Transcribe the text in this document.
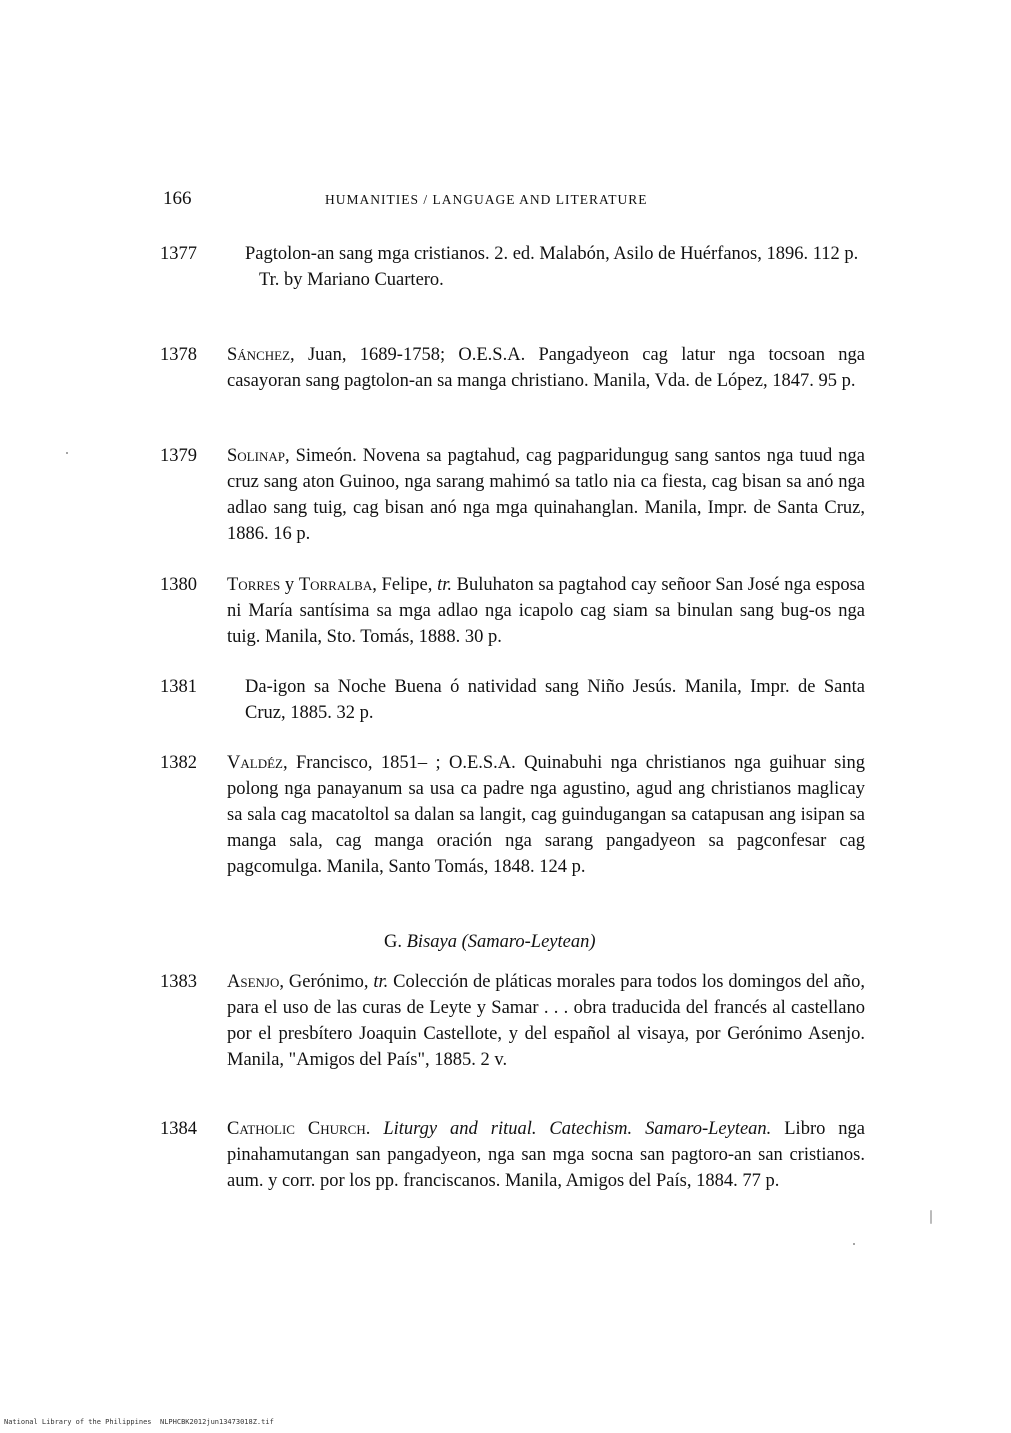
166	HUMANITIES / LANGUAGE AND LITERATURE
1377	Pagtolon-an sang mga cristianos. 2. ed. Malabón, Asilo de Huérfanos, 1896. 112 p.
Tr. by Mariano Cuartero.
1378	Sánchez, Juan, 1689-1758; O.E.S.A. Pangadyeon cag latur nga tocsoan nga casayoran sang pagtolon-an sa manga christiano. Manila, Vda. de López, 1847. 95 p.
1379	Solinap, Simeón. Novena sa pagtahud, cag pagparidungug sang santos nga tuud nga cruz sang aton Guinoo, nga sarang mahimó sa tatlo nia ca fiesta, cag bisan sa anó nga adlao sang tuig, cag bisan anó nga mga quinahanglan. Manila, Impr. de Santa Cruz, 1886. 16 p.
1380	Torres y Torralba, Felipe, tr. Buluhaton sa pagtahod cay señoor San José nga esposa ni María santísima sa mga adlao nga icapolo cag siam sa binulan sang bug-os nga tuig. Manila, Sto. Tomás, 1888. 30 p.
1381	Da-igon sa Noche Buena ó natividad sang Niño Jesús. Manila, Impr. de Santa Cruz, 1885. 32 p.
1382	Valdéz, Francisco, 1851– ; O.E.S.A. Quinabuhi nga christianos nga guihuar sing polong nga panayanum sa usa ca padre nga agustino, agud ang christianos maglicay sa sala cag macatoltol sa dalan sa langit, cag guindugangan sa catapusan ang isipan sa manga sala, cag manga oración nga sarang pangadyeon sa pagconfesar cag pagcomulga. Manila, Santo Tomás, 1848. 124 p.
G. Bisaya (Samaro-Leytean)
1383	Asenjo, Gerónimo, tr. Colección de pláticas morales para todos los domingos del año, para el uso de las curas de Leyte y Samar . . . obra traducida del francés al castellano por el presbítero Joaquin Castellote, y del español al visaya, por Gerónimo Asenjo. Manila, "Amigos del País", 1885. 2 v.
1384	Catholic Church. Liturgy and ritual. Catechism. Samaro-Leytean. Libro nga pinahamutangan san pangadyeon, nga san mga socna san pagtoro-an san cristianos. aum. y corr. por los pp. franciscanos. Manila, Amigos del País, 1884. 77 p.
National Library of the Philippines NLPHCBK2012jun13473018Z.tif
